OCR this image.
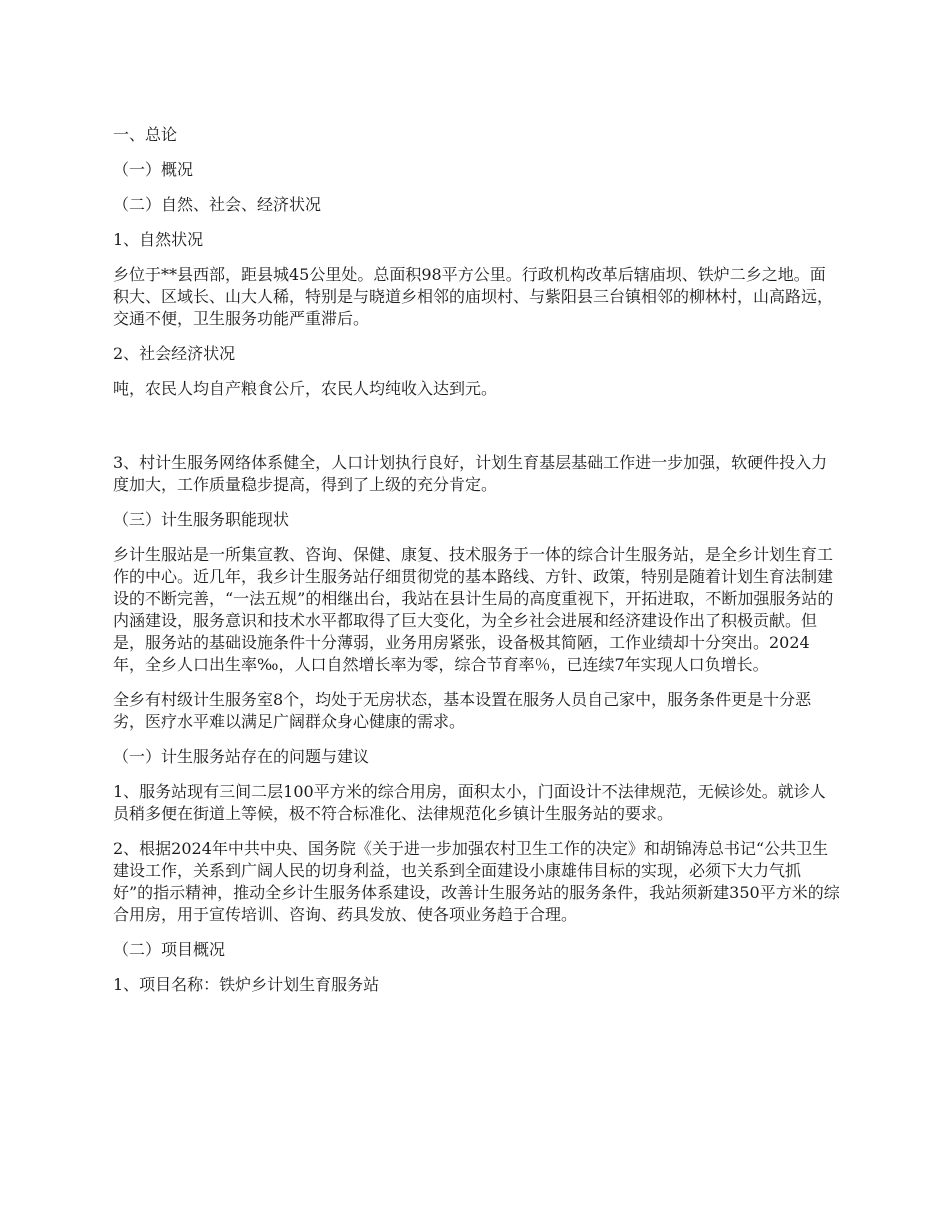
一、总论

（一）概况

（二）自然、社会、经济状况

1、自然状况

乡位于**县西部，距县城45公里处。总面积98平方公里。行政机构改革后辖庙坝、铁炉二乡之地。面积大、区域长、山大人稀，特别是与晓道乡相邻的庙坝村、与紫阳县三台镇相邻的柳林村，山高路远，交通不便，卫生服务功能严重滞后。

2、社会经济状况

吨，农民人均自产粮食公斤，农民人均纯收入达到元。

3、村计生服务网络体系健全，人口计划执行良好，计划生育基层基础工作进一步加强，软硬件投入力度加大，工作质量稳步提高，得到了上级的充分肯定。

（三）计生服务职能现状

乡计生服站是一所集宣教、咨询、保健、康复、技术服务于一体的综合计生服务站，是全乡计划生育工作的中心。近几年，我乡计生服务站仔细贯彻党的基本路线、方针、政策，特别是随着计划生育法制建设的不断完善，“一法五规”的相继出台，我站在县计生局的高度重视下，开拓进取，不断加强服务站的内涵建设，服务意识和技术水平都取得了巨大变化，为全乡社会进展和经济建设作出了积极贡献。但是，服务站的基础设施条件十分薄弱，业务用房紧张，设备极其简陋，工作业绩却十分突出。2024年，全乡人口出生率‰，人口自然增长率为零，综合节育率％，已连续7年实现人口负增长。

全乡有村级计生服务室8个，均处于无房状态，基本设置在服务人员自己家中，服务条件更是十分恶劣，医疗水平难以满足广阔群众身心健康的需求。

（一）计生服务站存在的问题与建议

1、服务站现有三间二层100平方米的综合用房，面积太小，门面设计不法律规范，无候诊处。就诊人员稍多便在街道上等候，极不符合标准化、法律规范化乡镇计生服务站的要求。

2、根据2024年中共中央、国务院《关于进一步加强农村卫生工作的决定》和胡锦涛总书记“公共卫生建设工作，关系到广阔人民的切身利益，也关系到全面建设小康雄伟目标的实现，必须下大力气抓好”的指示精神，推动全乡计生服务体系建设，改善计生服务站的服务条件，我站须新建350平方米的综合用房，用于宣传培训、咨询、药具发放、使各项业务趋于合理。

（二）项目概况

1、项目名称：铁炉乡计划生育服务站
